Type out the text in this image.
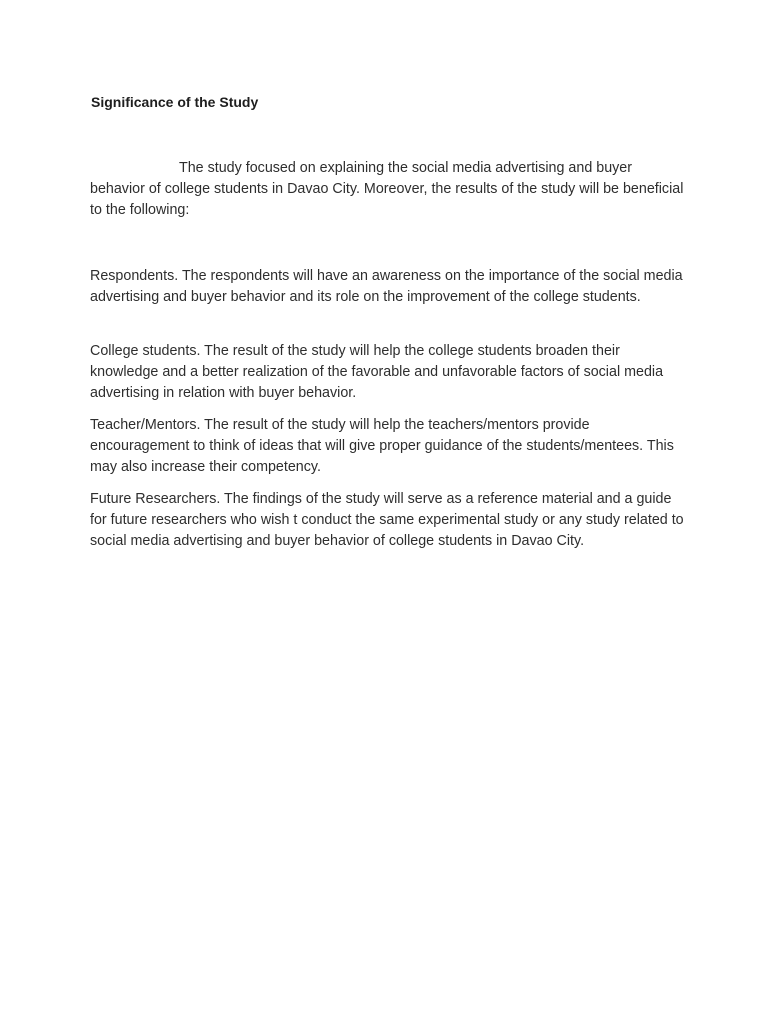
Significance of the Study

The study focused on explaining the social media advertising and buyer behavior of college students in Davao City. Moreover, the results of the study will be beneficial to the following:

Respondents. The respondents will have an awareness on the importance of the social media advertising and buyer behavior and its role on the improvement of the college students.

College students. The result of the study will help the college students broaden their knowledge and a better realization of the favorable and unfavorable factors of social media advertising in relation with buyer behavior.

Teacher/Mentors. The result of the study will help the teachers/mentors provide encouragement to think of ideas that will give proper guidance of the students/mentees. This may also increase their competency.

Future Researchers. The findings of the study will serve as a reference material and a guide for future researchers who wish t conduct the same experimental study or any study related to social media advertising and buyer behavior of college students in Davao City.
